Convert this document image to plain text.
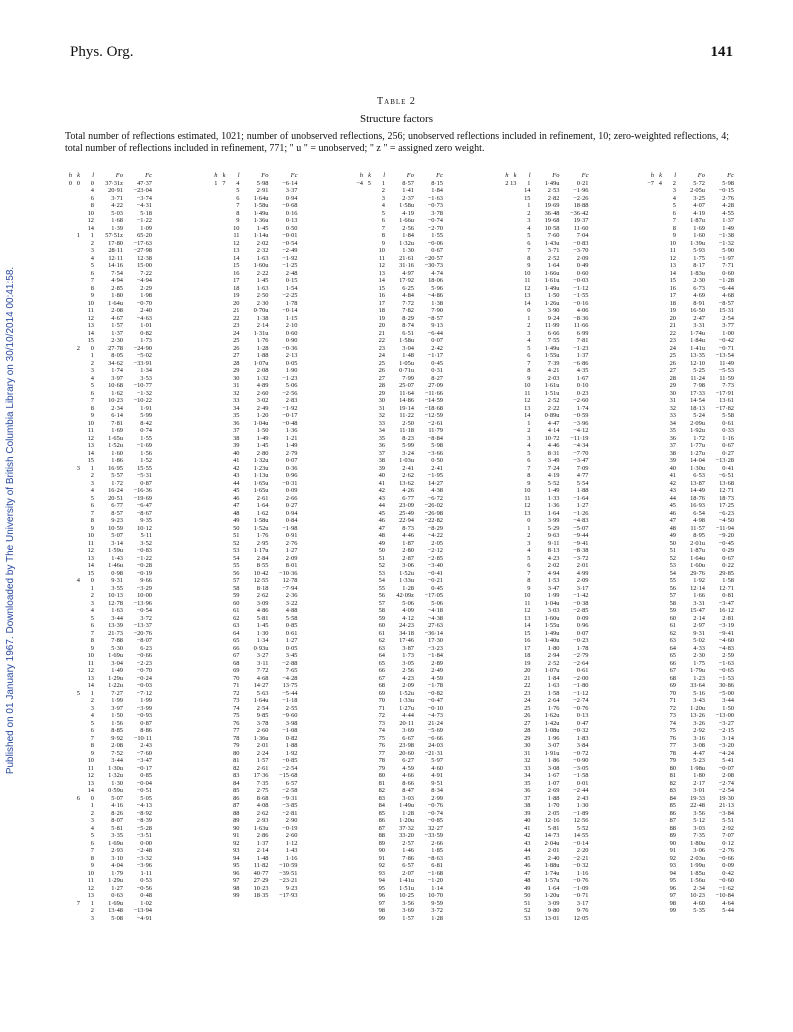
Published on 01 January 1967. Downloaded by The University of British Columbia Library on 30/10/2014 00:41:58.
Phys. Org.	141
Table 2
Structure factors
Total number of reflections estimated, 1021; number of unobserved reflections, 256; unobserved reflections included in refinement, 10; zero-weighted reflections, 4; total number of reflections included in refinement, 771; " u " = unobserved; " z " = assigned zero weight.
h k	l	Fo	Fc
0 0	0	37·31z	47·37
4	20·91	−23·04
6	3·71	−3·74
8	4·22	−4·31
10	5·03	5·18
12	1·68	−1·22
14	1·39	1·09
1	1	57·51z	65·20
2	17·80	−17·63
3	28·11	−27·98
4	12·11	12·38
5	14·16	15·00
6	7·54	7·22
7	4·94	−4·94
8	2·85	2·29
9	1·80	1·98
10	1·64u	−0·70
11	2·08	2·40
12	4·67	−4·63
13	1·57	1·01
14	1·37	0·82
15	2·30	1·73
2	0	27·78	−24·90
1	8·05	−5·02
2	34·62	−33·91
3	1·74	1·34
4	3·97	3·53
5	10·68	−10·77
6	1·62	−1·32
7	10·23	−10·22
8	2·34	1·91
9	6·14	5·99
10	7·81	8·42
11	1·69	0·74
12	1·65u	1·55
13	1·52u	−1·69
14	1·60	1·56
15	1·86	1·52
3	1	16·95	15·55
2	5·57	−5·31
3	1·72	0·87
4	16·24	−16·36
5	20·51	−19·69
6	6·77	−6·47
7	8·57	−8·67
8	9·23	9·35
9	10·59	10·12
10	5·07	5·11
11	3·14	3·52
12	1·59u	−0·83
13	1·43	−1·22
14	1·46u	−0·28
15	0·98	−0·19
4	0	9·31	9·66
1	3·55	−3·29
2	10·13	10·00
3	12·78	−13·96
4	1·63	−0·54
5	3·44	3·72
6	13·39	−13·37
7	21·73	−20·76
8	7·88	−8·07
9	5·30	6·23
10	1·69u	−0·66
11	3·04	−2·23
12	1·49	−0·70
13	1·29u	−0·24
14	1·22u	−0·03
5	1	7·27	−7·12
2	1·99	1·99
3	3·97	−3·99
4	1·50	−0·93
5	1·56	0·87
6	8·85	8·86
7	9·92	−10·11
8	2·08	2·43
9	7·52	−7·60
10	3·44	−3·47
11	1·30u	−0·17
12	1·32u	0·85
13	1·30	−0·04
14	0·59u	−0·51
6	0	5·07	5·05
1	4·16	−4·13
2	8·26	−8·92
3	8·07	−8·39
4	5·81	−5·28
5	3·35	−3·51
6	1·69u	0·00
7	2·93	−2·48
8	3·10	−3·32
9	4·04	−3·96
10	1·79	1·11
11	1·29u	0·53
12	1·27	−0·56
13	0·63	0·48
7	1	1·69u	1·02
2	13·48	−13·94
3	5·08	−4·91
h k	l	Fo	Fc
1 7	4	5·98	−6·14
5	2·91	3·37
6	1·64u	0·94
7	1·58u	−0·68
8	1·49u	0·16
9	1·36u	0·13
10	1·45	0·50
11	1·14u	−0·01
12	2·02	−0·54
13	2·32	−2·49
14	1·63	−1·92
15	1·60u	−1·25
16	2·22	2·48
17	1·45	0·15
18	1·63	1·54
19	2·50	−2·25
20	2·30	1·78
21	0·70u	−0·14
22	1·38	1·15
23	2·14	2·10
24	1·31u	0·60
25	1·76	0·90
26	1·28	−0·36
27	1·88	2·13
28	1·07u	0·05
29	2·08	1·90
30	1·32	−1·23
31	4·89	5·06
32	2·60	−2·56
33	3·02	2·83
34	2·49	−1·92
35	1·20	−0·17
36	1·04u	−0·48
37	1·50	1·36
38	1·49	1·21
39	1·45	1·49
40	2·80	2·79
41	1·32u	0·07
42	1·23u	0·36
43	1·13u	0·96
44	1·65u	−0·31
45	1·65u	0·09
46	2·61	2·66
47	1·64	0·27
48	1·62	0·94
49	1·58u	0·84
50	1·52u	−1·98
51	1·76	0·91
52	2·95	2·76
53	1·17u	1·27
54	2·84	2·09
55	8·55	8·01
56	10·42	−10·36
57	12·55	12·78
58	8·18	−7·94
59	2·62	2·36
60	3·09	3·22
61	4·86	4·88
62	5·81	5·58
63	1·45	0·85
64	1·30	0·61
65	1·34	1·27
66	0·93u	0·05
67	3·27	3·45
68	3·11	−2·88
69	7·72	7·65
70	4·68	−4·28
71	14·27	13·75
72	5·63	−5·44
73	1·64u	−1·18
74	2·54	2·55
75	9·85	−9·60
76	3·78	3·98
77	2·60	−1·08
78	1·36u	0·82
79	2·01	1·88
80	2·24	1·92
81	1·57	−0·85
82	2·61	−2·54
83	17·36	−15·68
84	7·35	6·57
85	2·75	−2·58
86	8·68	−9·31
87	4·08	−3·85
88	2·62	−2·81
89	2·93	2·90
90	1·63u	−0·19
91	2·86	2·60
92	1·37	1·12
93	2·14	1·43
94	1·48	1·16
95	11·82	−10·59
96	40·77	−39·51
97	27·29	−23·21
98	10·23	9·23
99	18·35	−17·93
h k	l	Fo	Fc
−4 5	1	8·57	8·15
2	1·41	1·84
3	2·37	−1·63
4	1·58u	−0·73
5	4·19	3·78
6	1·66u	−0·74
7	2·56	−2·70
8	1·84	1·55
9	1·32u	−0·06
10	1·30	0·67
11	21·61	−20·57
12	31·16	−30·73
13	4·97	4·74
14	17·92	18·06
15	6·25	5·96
16	4·84	−4·86
17	7·72	1·38
18	7·82	7·90
19	8·29	−8·57
20	8·74	9·13
21	6·51	−6·44
22	1·58u	0·07
23	3·04	2·42
24	1·48	−1·17
25	1·05u	0·45
26	0·71u	0·31
27	7·99	8·27
28	25·07	27·09
29	11·64	−11·66
30	14·86	−14·59
31	19·14	−18·68
32	11·22	−12·59
33	2·50	−2·61
34	11·18	11·79
35	8·23	−8·84
36	5·99	5·98
37	3·24	−3·66
38	1·03u	0·50
39	2·41	2·41
40	2·62	−1·95
41	13·62	14·27
42	4·26	4·38
43	6·77	−6·72
44	23·09	−26·02
45	25·49	−26·98
46	22·94	−22·82
47	8·73	−8·29
48	4·46	−4·22
49	1·87	2·05
50	2·80	−2·12
51	2·87	−2·85
52	3·06	−3·40
53	1·52u	−0·41
54	1·33u	−0·21
55	1·28	0·45
56	42·09z	−17·05
57	5·06	5·06
58	4·09	−4·18
59	4·12	−4·38
60	24·23	27·63
61	34·18	−36·14
62	17·46	17·30
63	3·87	−3·23
64	1·73	−1·84
65	3·05	2·89
66	2·56	2·49
67	4·23	4·59
68	2·09	−1·78
69	1·52u	−0·82
70	1·33u	−0·47
71	1·27u	−0·10
72	4·44	−4·73
73	20·11	21·24
74	3·69	−5·69
75	6·67	−6·66
76	23·98	24·03
77	20·60	−21·31
78	6·27	5·97
79	4·59	4·60
80	4·66	4·91
81	8·66	9·51
82	8·47	8·34
83	3·03	2·99
84	1·49u	−0·76
85	1·28	−0·74
86	1·20u	−0·85
87	37·32	32·27
88	33·20	−33·59
89	2·57	2·66
90	1·46	1·85
91	7·86	−8·63
92	6·57	6·81
93	2·07	−1·68
94	1·41u	−1·20
95	1·51u	1·14
96	10·25	10·70
97	3·56	9·59
98	3·69	3·72
99	1·57	1·28
h k	l	Fo	Fc
2 13	1	1·49u	0·21
14	2·53	−1·96
15	2·82	−2·26
1	19·69	18·88
2	36·48	−36·42
3	19·68	19·37
4	10·58	11·60
5	7·60	7·04
6	1·43u	−0·83
7	3·71	−3·70
8	2·52	2·09
9	1·64	0·49
10	1·66u	0·60
11	1·61u	−0·03
12	1·49u	−1·12
13	1·50	−1·55
14	1·26u	−0·16
0	3·90	4·06
1	9·24	−8·36
2	11·99	11·66
3	6·66	6·99
4	7·55	7·81
5	1·49u	−1·23
6	1·55u	1·37
7	7·39	−6·86
8	4·21	4·35
9	2·03	1·67
10	1·61u	0·10
11	1·51u	0·23
12	2·52	−2·60
13	2·22	1·74
14	0·89u	−0·59
1	4·47	−3·96
2	4·14	−4·12
3	10·72	−11·19
4	4·46	−4·34
5	8·31	−7·70
6	3·49	−3·47
7	7·24	7·09
8	4·19	4·77
9	5·52	5·54
10	1·49	1·88
11	1·33	−1·64
12	1·36	1·27
13	1·64	−1·26
0	3·99	−4·83
1	5·29	−5·07
2	9·63	−9·44
3	9·11	−9·41
4	8·13	−8·38
5	4·23	−3·72
6	2·02	2·01
7	4·94	4·99
8	1·53	2·09
9	3·47	3·17
10	1·99	−1·42
11	1·04u	−0·38
12	3·03	−2·85
13	1·60u	0·09
14	1·55u	0·96
15	1·49u	0·07
16	1·40u	−0·23
17	1·80	1·78
18	2·94	−2·79
19	2·52	−2·64
20	1·07u	0·61
21	1·84	−2·00
22	1·63	−1·80
23	1·58	−1·12
24	2·64	−2·74
25	1·76	−0·76
26	1·62u	0·13
27	1·42u	0·47
28	1·08u	−0·32
29	1·96	1·83
30	3·07	3·84
31	1·91u	−0·72
32	1·86	−0·90
33	3·08	−3·05
34	1·67	−1·58
35	1·07	0·01
36	2·69	−2·44
37	1·88	2·43
38	1·70	1·30
39	2·05	−1·89
40	12·16	12·56
41	5·81	5·52
42	14·73	14·55
43	2·04u	−0·14
44	2·01	2·20
45	2·40	−2·21
46	1·88u	−0·32
47	1·74u	1·16
48	1·57u	−0·76
49	1·64	−1·09
50	1·20u	−0·71
51	3·09	3·17
52	9·80	9·76
53	13·01	12·05
h k	l	Fo	Fc
−7 4	2	5·72	5·98
3	2·05u	−0·15
4	3·25	2·76
5	4·07	4·28
6	4·19	4·55
7	1·87u	1·37
8	1·69	1·49
9	1·60	−1·38
10	1·39u	−1·32
11	5·93	5·90
12	1·75	−1·97
13	8·17	7·71
14	1·83u	0·60
15	2·30	−1·28
16	6·73	−6·44
17	4·69	4·68
18	8·91	−8·57
19	16·50	15·31
20	2·47	2·54
21	3·31	3·77
22	1·74u	1·00
23	1·84u	−0·42
24	1·41u	−0·71
25	13·35	−13·54
26	12·10	11·49
27	5·25	−5·53
28	11·24	11·59
29	7·98	7·73
30	17·33	−17·91
31	14·54	13·61
32	18·13	−17·82
33	5·24	5·58
34	2·09u	0·61
35	1·92u	0·33
36	1·72	1·16
37	1·77u	0·67
38	1·27u	0·27
39	14·04	−13·28
40	1·30u	0·41
41	6·53	−6·51
42	13·87	13·68
43	14·49	12·71
44	18·76	18·73
45	16·93	17·25
46	6·54	−6·23
47	4·98	−4·50
48	11·57	−11·94
49	8·95	−9·20
50	2·01u	−0·45
51	1·87u	0·29
52	1·64u	0·67
53	1·60u	0·22
54	29·76	29·85
55	1·92	1·58
56	12·14	12·71
57	1·66	0·81
58	3·31	−3·47
59	15·47	16·12
60	2·14	2·81
61	2·97	−3·19
62	9·31	−9·41
63	5·02	−4·60
64	4·33	−4·83
65	2·30	2·59
66	1·75	−1·63
67	1·79u	−0·65
68	1·23	−1·53
69	33·64	30·86
70	5·16	−5·00
71	3·43	3·44
72	1·20u	1·50
73	13·26	−13·00
74	3·26	−3·27
75	2·92	−2·15
76	3·16	3·14
77	3·08	−3·20
78	4·47	−4·24
79	5·23	5·41
80	1·98u	−0·07
81	1·80	2·08
82	2·17	−2·74
83	3·01	−2·54
84	19·33	19·30
85	22·48	21·13
86	3·56	−3·84
87	5·12	5·51
88	3·03	2·92
89	7·35	7·07
90	1·80u	0·12
91	3·06	−2·76
92	2·03u	−0·66
93	1·99u	0·09
94	1·85u	0·42
95	1·56u	−0·60
96	2·34	−1·62
97	10·23	−10·84
98	4·60	4·64
99	5·35	5·44
